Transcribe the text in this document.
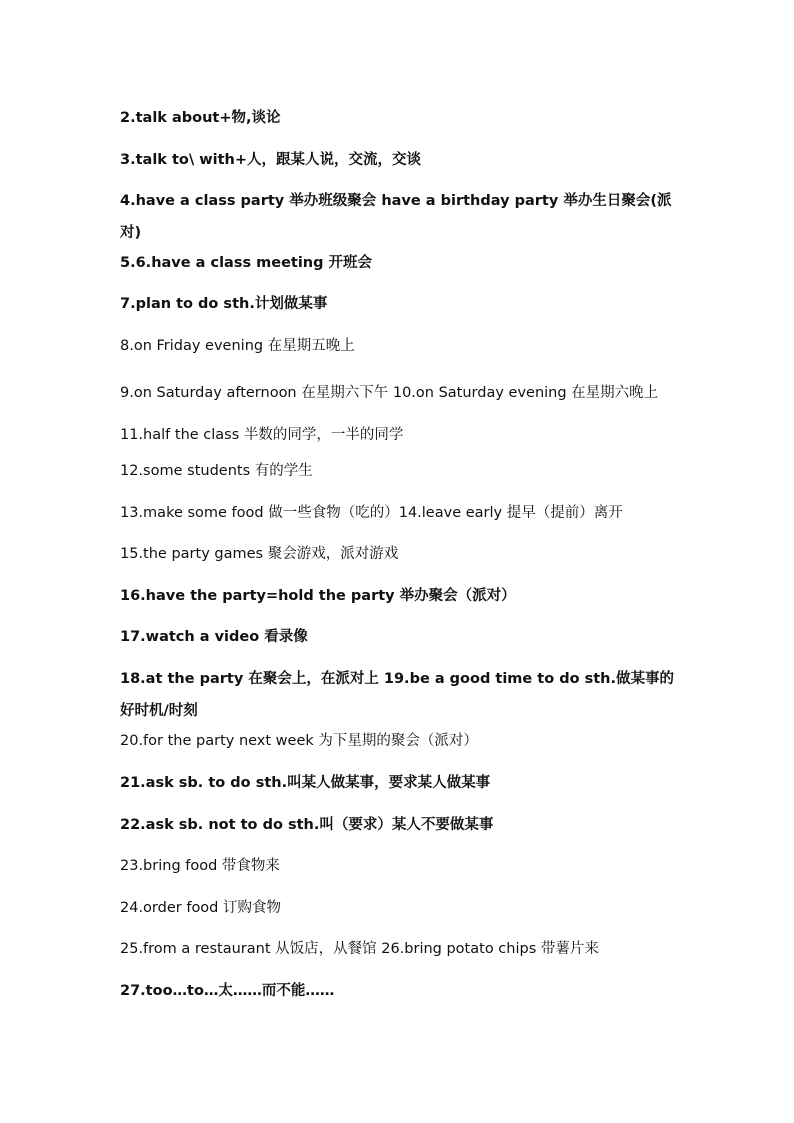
2.talk about+物,谈论

3.talk to\ with+人，跟某人说，交流，交谈

4.have a class party 举办班级聚会 have a birthday party 举办生日聚会(派对)

5.6.have a class meeting 开班会

7.plan to do sth.计划做某事

8.on Friday evening 在星期五晚上

9.on Saturday afternoon 在星期六下午 10.on Saturday evening 在星期六晚上 11.half the class 半数的同学，一半的同学

12.some students 有的学生

13.make some food 做一些食物（吃的）14.leave early 提早（提前）离开

15.the party games 聚会游戏，派对游戏

16.have the party=hold the party 举办聚会（派对）

17.watch a video 看录像

18.at the party 在聚会上，在派对上 19.be a good time to do sth.做某事的好时机/时刻

20.for the party next week 为下星期的聚会（派对）

21.ask sb. to do sth.叫某人做某事，要求某人做某事

22.ask sb. not to do sth.叫（要求）某人不要做某事

23.bring food 带食物来

24.order food 订购食物

25.from a restaurant 从饭店，从餐馆 26.bring potato chips 带薯片来

27.too…to…太……而不能……
